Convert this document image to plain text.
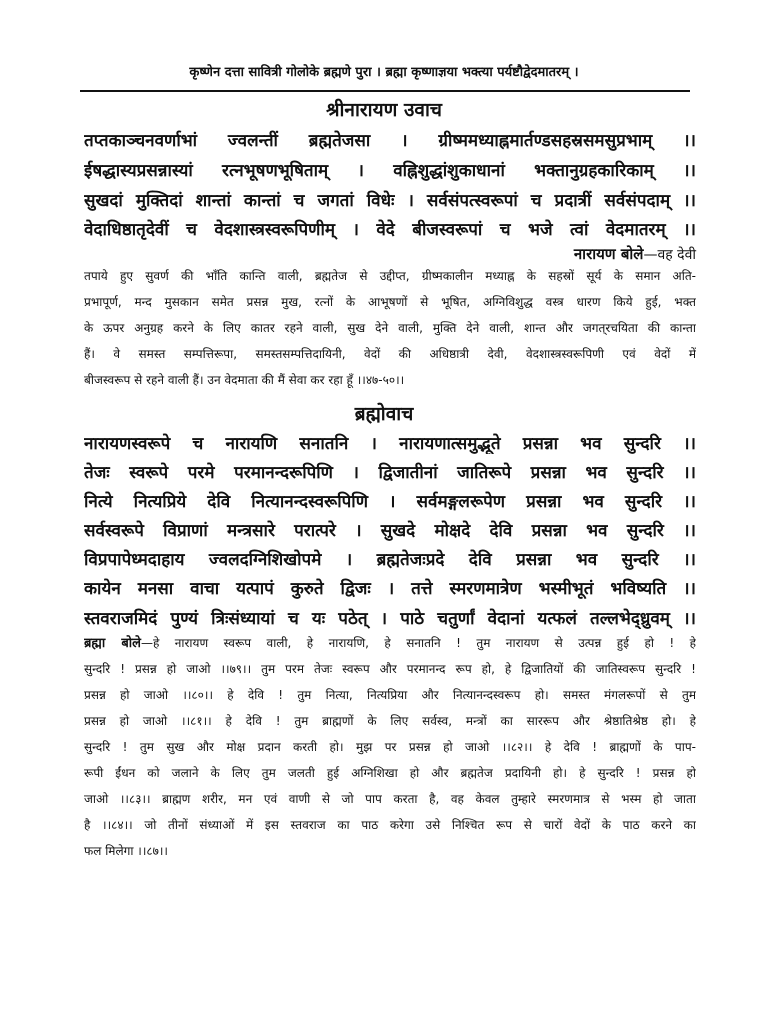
कृष्णेन दत्ता सावित्री गोलोके ब्रह्मणे पुरा । ब्रह्मा कृष्णाज्ञया भक्त्या पर्यष्टौद्वेदमातरम् ।
श्रीनारायण उवाच
तप्तकाञ्चनवर्णाभां ज्वलन्तीं ब्रह्मतेजसा । ग्रीष्ममध्याह्नमार्तण्डसहस्रसमसुप्रभाम् ।।
ईषद्धास्यप्रसन्नास्यां रत्नभूषणभूषिताम् । वह्निशुद्धांशुकाधानां भक्तानुग्रहकारिकाम् ।।
सुखदां मुक्तिदां शान्तां कान्तां च जगतां विधेः । सर्वसंपत्स्वरूपां च प्रदात्रीं सर्वसंपदाम् ।।
वेदाधिष्ठातृदेवीं च वेदशास्त्रस्वरूपिणीम् । वेदे बीजस्वरूपां च भजे त्वां वेदमातरम् ।।
नारायण बोले—वह देवी
तपाये हुए सुवर्ण की भाँति कान्ति वाली, ब्रह्मतेज से उद्दीप्त, ग्रीष्मकालीन मध्याह्न के सहस्रों सूर्य के समान अति-
प्रभापूर्ण, मन्द मुसकान समेत प्रसन्न मुख, रत्नों के आभूषणों से भूषित, अग्निविशुद्ध वस्त्र धारण किये हुई, भक्त
के ऊपर अनुग्रह करने के लिए कातर रहने वाली, सुख देने वाली, मुक्ति देने वाली, शान्त और जगत्‌रचयिता की कान्ता
हैं। वे समस्त सम्पत्तिरूपा, समस्तसम्पत्तिदायिनी, वेदों की अधिष्ठात्री देवी, वेदशास्त्रस्वरूपिणी एवं वेदों में
बीजस्वरूप से रहने वाली हैं। उन वेदमाता की मैं सेवा कर रहा हूँ ।।४७-५०।।
ब्रह्मोवाच
नारायणस्वरूपे च नारायणि सनातनि । नारायणात्समुद्भूते प्रसन्ना भव सुन्दरि ।।
तेजः स्वरूपे परमे परमानन्दरूपिणि । द्विजातीनां जातिरूपे प्रसन्ना भव सुन्दरि ।।
नित्ये नित्यप्रिये देवि नित्यानन्दस्वरूपिणि । सर्वमङ्गलरूपेण प्रसन्ना भव सुन्दरि ।।
सर्वस्वरूपे विप्राणां मन्त्रसारे परात्परे । सुखदे मोक्षदे देवि प्रसन्ना भव सुन्दरि ।।
विप्रपापेध्मदाहाय ज्वलदग्निशिखोपमे । ब्रह्मतेजःप्रदे देवि प्रसन्ना भव सुन्दरि ।।
कायेन मनसा वाचा यत्पापं कुरुते द्विजः । तत्ते स्मरणमात्रेण भस्मीभूतं भविष्यति ।।
स्तवराजमिदं पुण्यं त्रिःसंध्यायां च यः पठेत् । पाठे चतुर्णां वेदानां यत्फलं तल्लभेद्ध्रुवम् ।।
ब्रह्मा बोले—हे नारायण स्वरूप वाली, हे नारायणि, हे सनातनि ! तुम नारायण से उत्पन्न हुई हो ! हे
सुन्दरि ! प्रसन्न हो जाओ ।।७९।। तुम परम तेजः स्वरूप और परमानन्द रूप हो, हे द्विजातियों की जातिस्वरूप सुन्दरि !
प्रसन्न हो जाओ ।।८०।। हे देवि ! तुम नित्या, नित्यप्रिया और नित्यानन्दस्वरूप हो। समस्त मंगलरूपों से तुम
प्रसन्न हो जाओ ।।८१।। हे देवि ! तुम ब्राह्मणों के लिए सर्वस्व, मन्त्रों का साररूप और श्रेष्ठातिश्रेष्ठ हो। हे
सुन्दरि ! तुम सुख और मोक्ष प्रदान करती हो। मुझ पर प्रसन्न हो जाओ ।।८२।। हे देवि ! ब्राह्मणों के पाप-
रूपी ईंधन को जलाने के लिए तुम जलती हुई अग्निशिखा हो और ब्रह्मतेज प्रदायिनी हो। हे सुन्दरि ! प्रसन्न हो
जाओ ।।८३।। ब्राह्मण शरीर, मन एवं वाणी से जो पाप करता है, वह केवल तुम्हारे स्मरणमात्र से भस्म हो जाता
है ।।८४।। जो तीनों संध्याओं में इस स्तवराज का पाठ करेगा उसे निश्चित रूप से चारों वेदों के पाठ करने का
फल मिलेगा ।।८७।।
